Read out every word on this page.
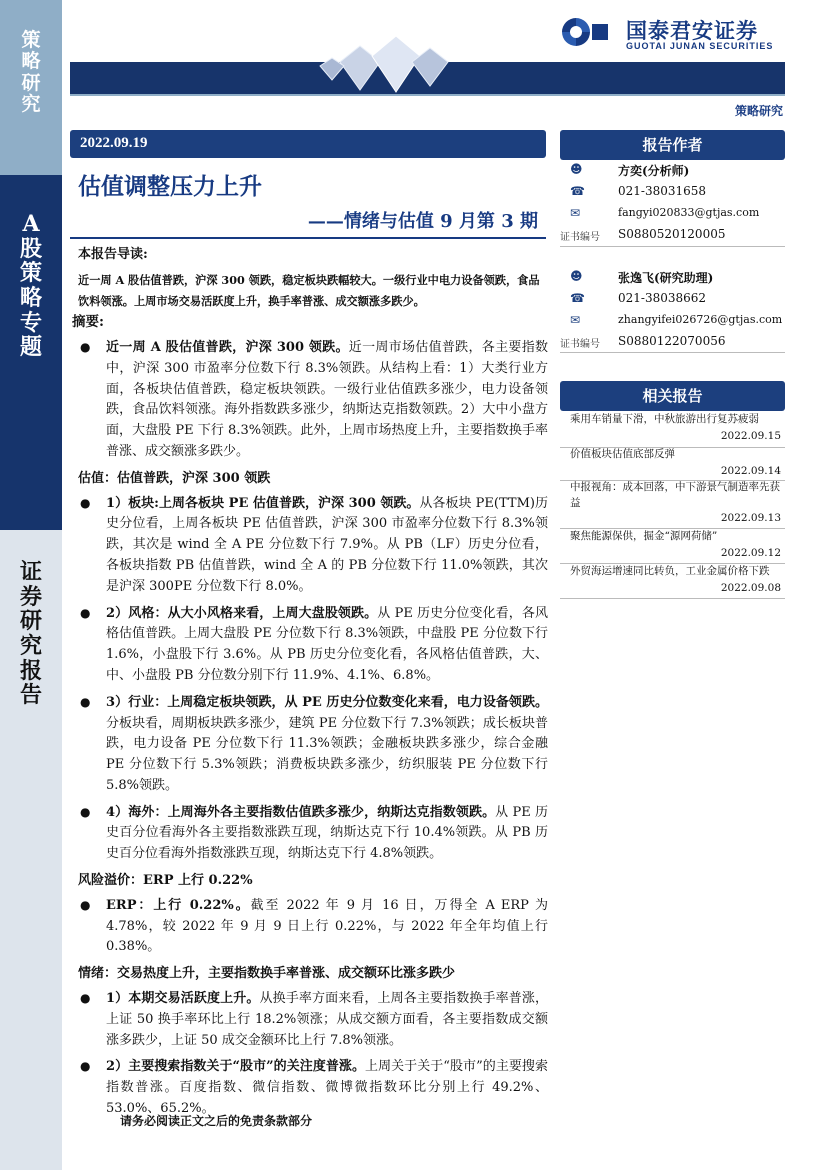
策略研究
A股策略专题
证券研究报告
国泰君安证券
GUOTAI JUNAN SECURITIES
策略研究
2022.09.19
估值调整压力上升
——情绪与估值 9 月第 3 期

本报告导读:

近一周 A 股估值普跌，沪深 300 领跌，稳定板块跌幅较大。一级行业中电力设备领跌，食品饮料领涨。上周市场交易活跃度上升，换手率普涨、成交额涨多跌少。

摘要:

● 近一周 A 股估值普跌，沪深 300 领跌。近一周市场估值普跌，各主要指数中，沪深 300 市盈率分位数下行 8.3%领跌。从结构上看：1）大类行业方面，各板块估值普跌，稳定板块领跌。一级行业估值跌多涨少，电力设备领跌，食品饮料领涨。海外指数跌多涨少，纳斯达克指数领跌。2）大中小盘方面，大盘股 PE 下行 8.3%领跌。此外，上周市场热度上升，主要指数换手率普涨、成交额涨多跌少。

估值：估值普跌，沪深 300 领跌

● 1）板块:上周各板块 PE 估值普跌，沪深 300 领跌。从各板块 PE(TTM)历史分位看，上周各板块 PE 估值普跌，沪深 300 市盈率分位数下行 8.3%领跌，其次是 wind 全 A PE 分位数下行 7.9%。从 PB（LF）历史分位看，各板块指数 PB 估值普跌，wind 全 A 的 PB 分位数下行 11.0%领跌，其次是沪深 300PE 分位数下行 8.0%。
● 2）风格：从大小风格来看，上周大盘股领跌。从 PE 历史分位变化看，各风格估值普跌。上周大盘股 PE 分位数下行 8.3%领跌，中盘股 PE 分位数下行 1.6%，小盘股下行 3.6%。从 PB 历史分位变化看，各风格估值普跌，大、中、小盘股 PB 分位数分别下行 11.9%、4.1%、6.8%。
● 3）行业：上周稳定板块领跌，从 PE 历史分位数变化来看，电力设备领跌。分板块看，周期板块跌多涨少，建筑 PE 分位数下行 7.3%领跌；成长板块普跌，电力设备 PE 分位数下行 11.3%领跌；金融板块跌多涨少，综合金融 PE 分位数下行 5.3%领跌；消费板块跌多涨少，纺织服装 PE 分位数下行 5.8%领跌。
● 4）海外：上周海外各主要指数估值跌多涨少，纳斯达克指数领跌。从 PE 历史百分位看海外各主要指数涨跌互现，纳斯达克下行 10.4%领跌。从 PB 历史百分位看海外指数涨跌互现，纳斯达克下行 4.8%领跌。

风险溢价：ERP 上行 0.22%

● ERP：上行 0.22%。截至 2022 年 9 月 16 日，万得全 A ERP 为 4.78%，较 2022 年 9 月 9 日上行 0.22%，与 2022 年全年均值上行 0.38%。

情绪：交易热度上升，主要指数换手率普涨、成交额环比涨多跌少

● 1）本期交易活跃度上升。从换手率方面来看，上周各主要指数换手率普涨，上证 50 换手率环比上行 18.2%领涨；从成交额方面看，各主要指数成交额涨多跌少，上证 50 成交金额环比上行 7.8%领涨。
● 2）主要搜索指数关于“股市”的关注度普涨。上周关于关于“股市”的主要搜索指数普涨。百度指数、微信指数、微博微指数环比分别上行 49.2%、53.0%、65.2%。
报告作者
☻	方奕(分析师)
☎	021-38031658
✉	fangyi020833@gtjas.com
证书编号 S0880520120005
☻	张逸飞(研究助理)
☎	021-38038662
✉	zhangyifei026726@gtjas.com
证书编号 S0880122070056
相关报告
乘用车销量下滑，中秋旅游出行复苏疲弱
2022.09.15
价值板块估值底部反弹
2022.09.14
中报视角：成本回落，中下游景气制造率先获益
2022.09.13
聚焦能源保供，掘金“源网荷储”
2022.09.12
外贸海运增速同比转负，工业金属价格下跌
2022.09.08
请务必阅读正文之后的免责条款部分
